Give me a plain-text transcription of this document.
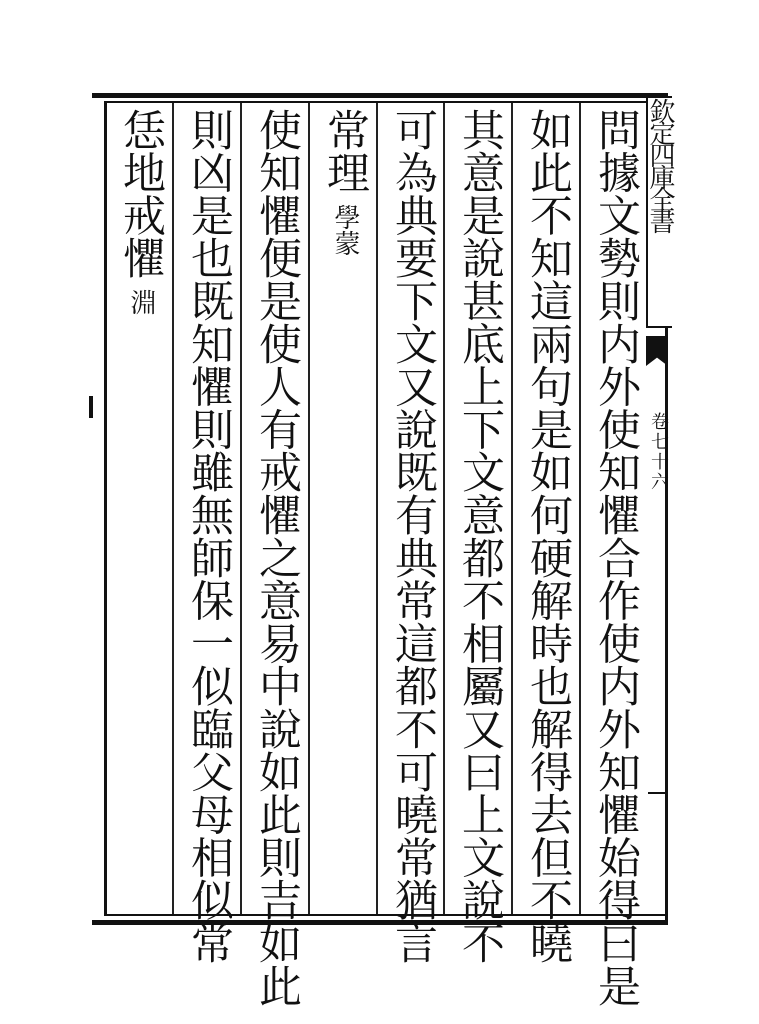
問據文勢則内外使知懼合作使内外知懼始得曰是
如此不知這兩句是如何硬解時也解得去但不曉
其意是說甚底上下文意都不相屬又曰上文說不
可為典要下文又說既有典常這都不可曉常猶言
常理學蒙
使知懼便是使人有戒懼之意易中說如此則吉如此
則凶是也既知懼則雖無師保一似臨父母相似常
恁地戒懼淵
欽定四庫全書
卷七十六
